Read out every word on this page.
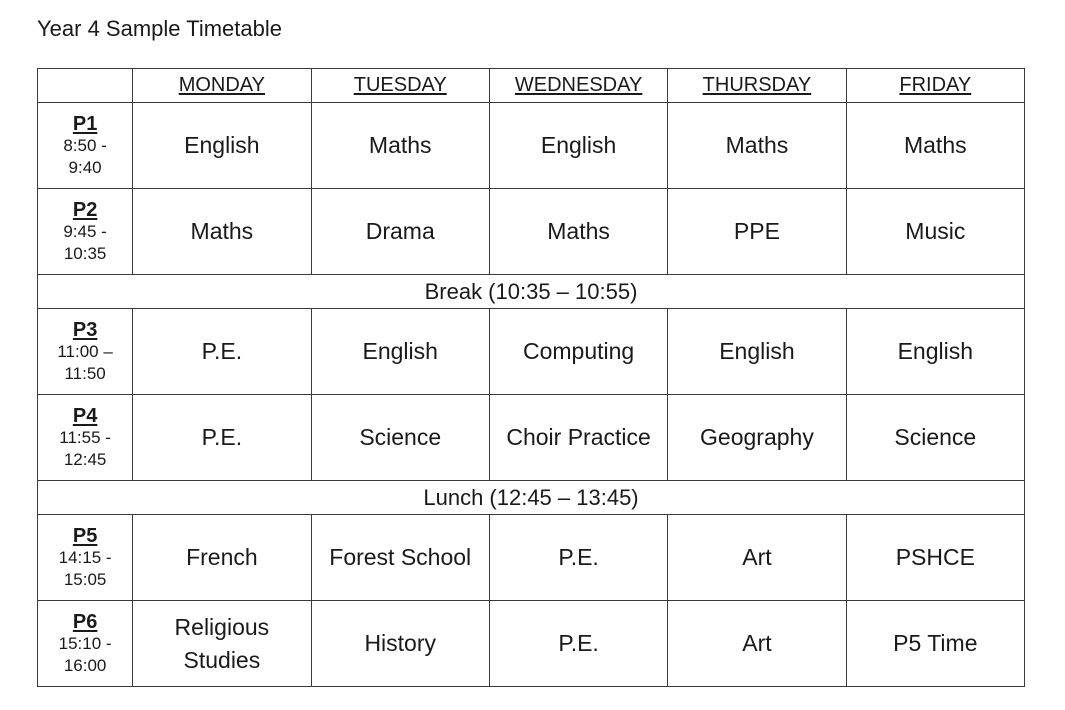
Year 4 Sample Timetable
	MONDAY	TUESDAY	WEDNESDAY	THURSDAY	FRIDAY

P1
8:50 -
9:40	English	Maths	English	Maths	Maths

P2
9:45 -
10:35	Maths	Drama	Maths	PPE	Music
Break (10:35 – 10:55)					

P3
11:00 –
11:50	P.E.	English	Computing	English	English

P4
11:55 -
12:45	P.E.	Science	Choir Practice	Geography	Science
Lunch (12:45 – 13:45)					

P5
14:15 -
15:05	French	Forest School	P.E.	Art	PSHCE

P6
15:10 -
16:00	Religious Studies	History	P.E.	Art	P5 Time
